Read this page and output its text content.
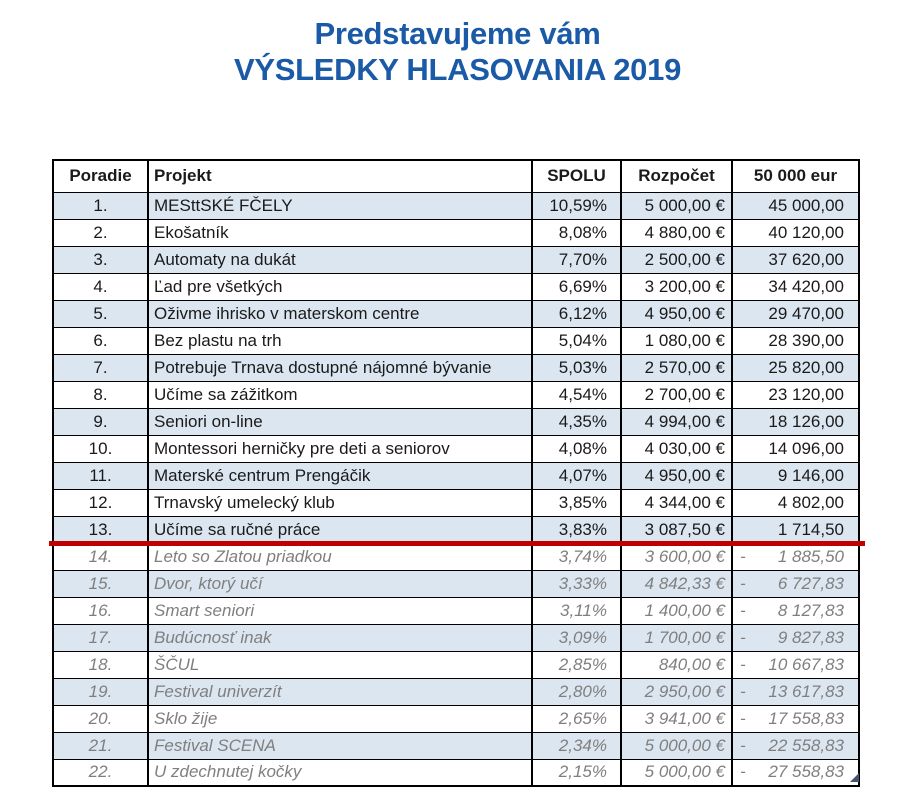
Predstavujeme vám
VÝSLEDKY HLASOVANIA 2019
Poradie	Projekt	SPOLU	Rozpočet	50 000 eur
1.	MESttSKÉ FČELY	10,59%	5 000,00 €	45 000,00

2.	Ekošatník	8,08%	4 880,00 €	40 120,00

3.	Automaty na dukát	7,70%	2 500,00 €	37 620,00

4.	Ľad pre všetkých	6,69%	3 200,00 €	34 420,00

5.	Oživme ihrisko v materskom centre	6,12%	4 950,00 €	29 470,00

6.	Bez plastu na trh	5,04%	1 080,00 €	28 390,00

7.	Potrebuje Trnava dostupné nájomné bývanie	5,03%	2 570,00 €	25 820,00

8.	Učíme sa zážitkom	4,54%	2 700,00 €	23 120,00

9.	Seniori on-line	4,35%	4 994,00 €	18 126,00

10.	Montessori herničky pre deti a seniorov	4,08%	4 030,00 €	14 096,00

11.	Materské centrum Prengáčik	4,07%	4 950,00 €	9 146,00

12.	Trnavský umelecký klub	3,85%	4 344,00 €	4 802,00

13.	Učíme sa ručné práce	3,83%	3 087,50 €	1 714,50

14.	Leto so Zlatou priadkou	3,74%	3 600,00 €	- 1 885,50

15.	Dvor, ktorý učí	3,33%	4 842,33 €	- 6 727,83

16.	Smart seniori	3,11%	1 400,00 €	- 8 127,83

17.	Budúcnosť inak	3,09%	1 700,00 €	- 9 827,83

18.	ŠČUL	2,85%	840,00 €	- 10 667,83

19.	Festival univerzít	2,80%	2 950,00 €	- 13 617,83

20.	Sklo žije	2,65%	3 941,00 €	- 17 558,83

21.	Festival SCENA	2,34%	5 000,00 €	- 22 558,83

22.	U zdechnutej kočky	2,15%	5 000,00 €	- 27 558,83
